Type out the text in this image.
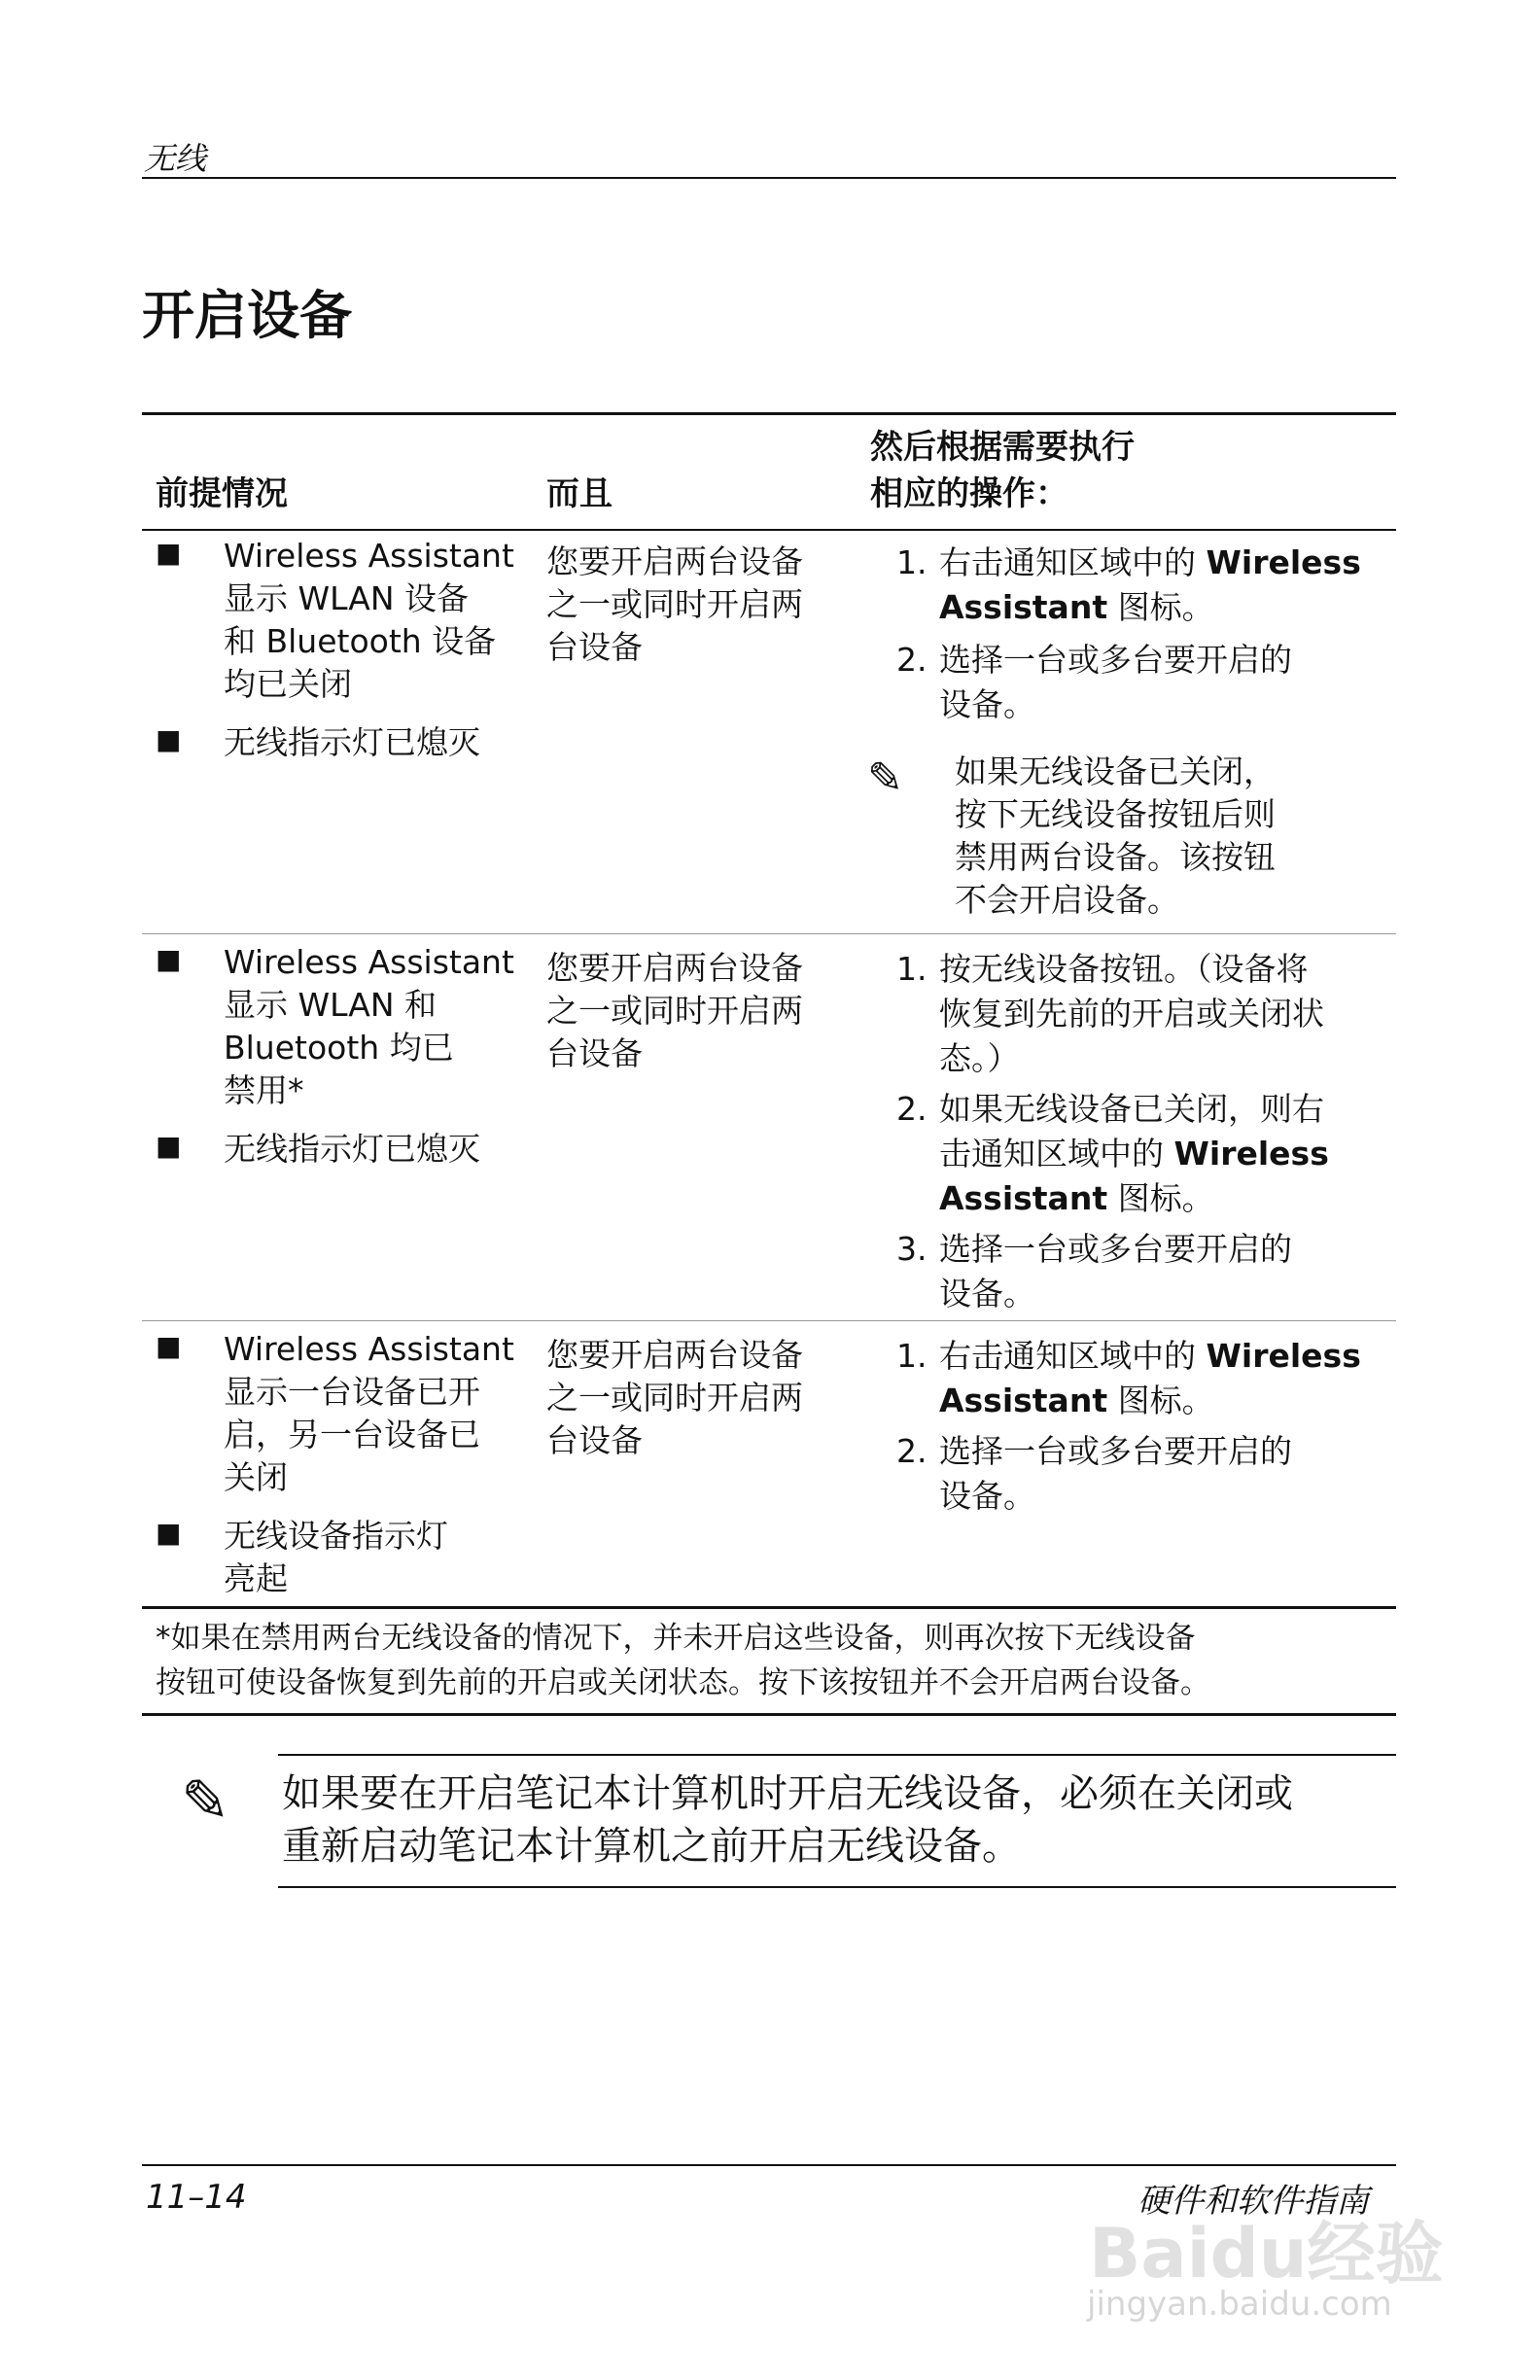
无线
开启设备
前提情况	而且
然后根据需要执行
相应的操作：
■ Wireless Assistant
显示 WLAN 设备
和 Bluetooth 设备
均已关闭
■ 无线指示灯已熄灭
您要开启两台设备
之一或同时开启两
台设备
1. 右击通知区域中的 Wireless
Assistant 图标。
2. 选择一台或多台要开启的
设备。
✎ 如果无线设备已关闭，
按下无线设备按钮后则
禁用两台设备。该按钮
不会开启设备。
■ Wireless Assistant
显示 WLAN 和
Bluetooth 均已
禁用*
■ 无线指示灯已熄灭
您要开启两台设备
之一或同时开启两
台设备
1. 按无线设备按钮。（设备将
恢复到先前的开启或关闭状
态。）
2. 如果无线设备已关闭，则右
击通知区域中的 Wireless
Assistant 图标。
3. 选择一台或多台要开启的
设备。
■ Wireless Assistant
显示一台设备已开
启，另一台设备已
关闭
■ 无线设备指示灯
亮起
您要开启两台设备
之一或同时开启两
台设备
1. 右击通知区域中的 Wireless
Assistant 图标。
2. 选择一台或多台要开启的
设备。
*如果在禁用两台无线设备的情况下，并未开启这些设备，则再次按下无线设备
按钮可使设备恢复到先前的开启或关闭状态。按下该按钮并不会开启两台设备。
✎ 如果要在开启笔记本计算机时开启无线设备，必须在关闭或
重新启动笔记本计算机之前开启无线设备。
11–14	硬件和软件指南
Baidu经验
jingyan.baidu.com
